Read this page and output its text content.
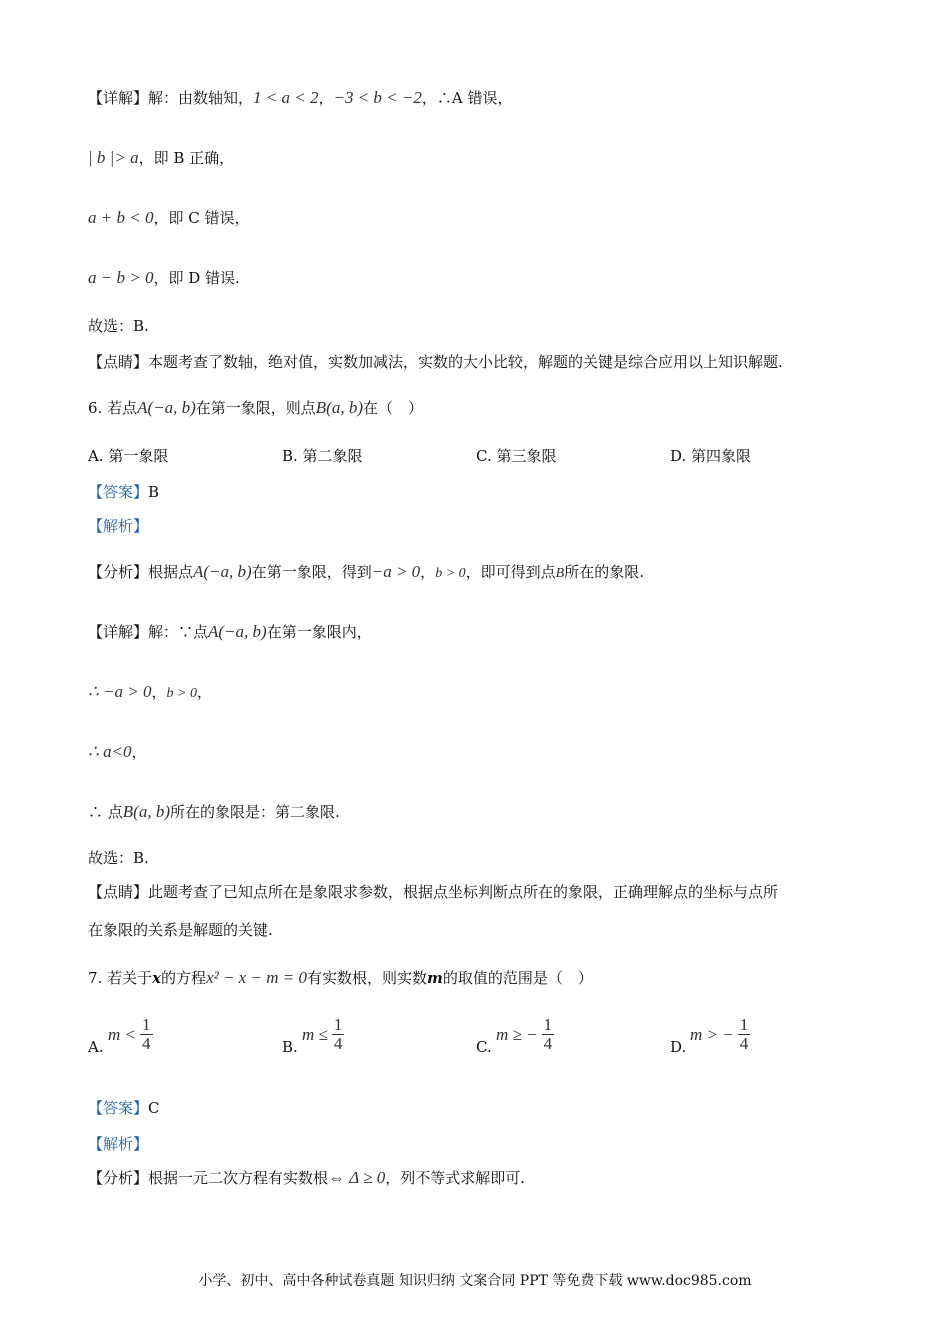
【详解】解：由数轴知，1 < a < 2，−3 < b < −2，∴A 错误，
| b |> a，即 B 正确，
a + b < 0，即 C 错误，
a − b > 0，即 D 错误.
故选：B.
【点睛】本题考查了数轴，绝对值，实数加减法，实数的大小比较，解题的关键是综合应用以上知识解题.
6. 若点A(−a, b)在第一象限，则点B(a, b)在（　）
A. 第一象限	B. 第二象限	C. 第三象限	D. 第四象限
【答案】B
【解析】
【分析】根据点A(−a, b)在第一象限，得到−a > 0，b > 0，即可得到点B所在的象限.
【详解】解：∵点A(−a, b)在第一象限内，
∴ −a > 0，b > 0，
∴ a<0，
∴ 点B(a, b)所在的象限是：第二象限.
故选：B.
【点睛】此题考查了已知点所在是象限求参数，根据点坐标判断点所在的象限，正确理解点的坐标与点所
在象限的关系是解题的关键.
7. 若关于x的方程x² − x − m = 0有实数根，则实数m的取值的范围是（　）
A.
$m < \frac{1}{4}$	B.
$m \le \frac{1}{4}$	C.
m ≥ − $\frac{1}{4}$	D.
m > − $\frac{1}{4}$
【答案】C
【解析】
【分析】根据一元二次方程有实数根⇔ Δ ≥ 0，列不等式求解即可.
小学、初中、高中各种试卷真题 知识归纳 文案合同 PPT 等免费下载 www.doc985.com
